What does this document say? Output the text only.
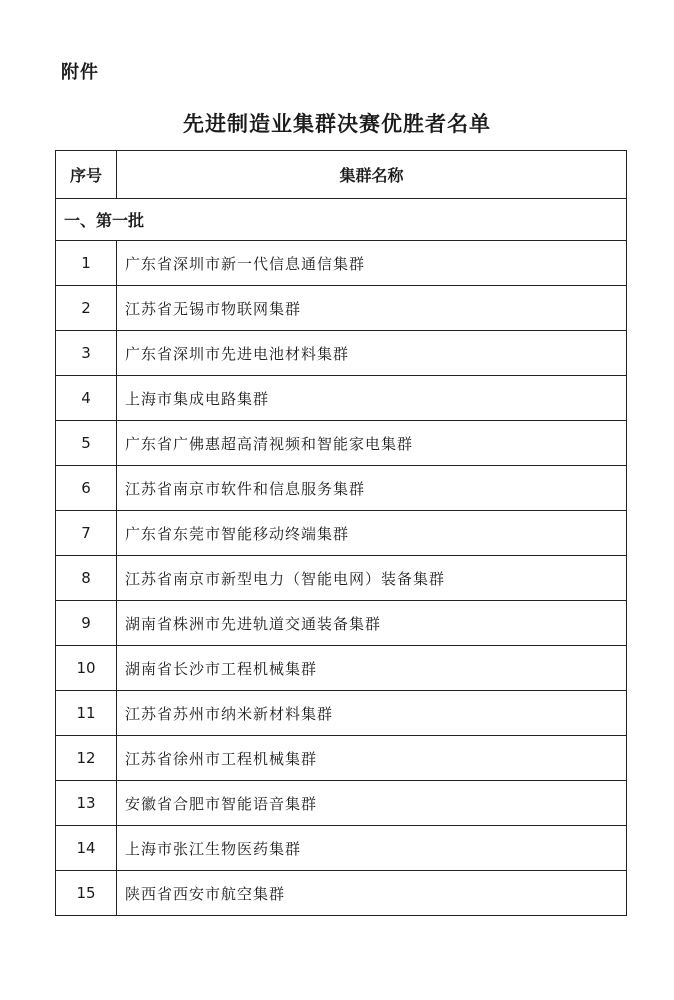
附件
先进制造业集群决赛优胜者名单
序号	集群名称
一、第一批	
1	广东省深圳市新一代信息通信集群
2	江苏省无锡市物联网集群
3	广东省深圳市先进电池材料集群
4	上海市集成电路集群
5	广东省广佛惠超高清视频和智能家电集群
6	江苏省南京市软件和信息服务集群
7	广东省东莞市智能移动终端集群
8	江苏省南京市新型电力（智能电网）装备集群
9	湖南省株洲市先进轨道交通装备集群
10	湖南省长沙市工程机械集群
11	江苏省苏州市纳米新材料集群
12	江苏省徐州市工程机械集群
13	安徽省合肥市智能语音集群
14	上海市张江生物医药集群
15	陕西省西安市航空集群
